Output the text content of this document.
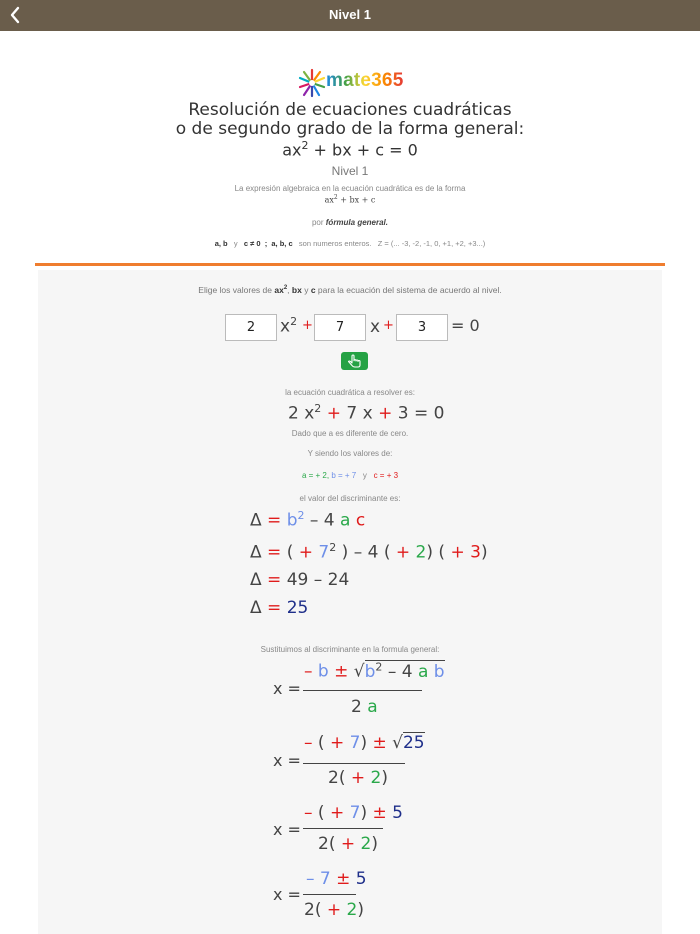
Nivel 1
mate365
Resolución de ecuaciones cuadráticas
o de segundo grado de la forma general:
$ax^2$ + bx + c = 0
Nivel 1
La expresión algebraica en la ecuación cuadrática es de la forma
$ax^2$ + bx + c
por fórmula general.
a, b y c ≠ 0 ; a, b, c son numeros enteros. Z = (... -3, -2, -1, 0, +1, +2, +3...)
Elige los valores de $ax^2$, bx y c para la ecuación del sistema de acuerdo al nivel.
2
$x^2$ +
7	x +
3	= 0
la ecuación cuadrática a resolver es:
2 $x^2 + 7$ x + 3 = 0
Dado que a es diferente de cero.
Y siendo los valores de:
a = + 2, b = + 7 y c = + 3
el valor del discriminante es:
$\Delta = b^2 - 4$ a c
Δ = ( + $7^2$ ) – 4 ( + 2) ( + 3)
Δ = 49 – 24
Δ = 25
Sustituimos al discriminante en la formula general:
x =
– $b \pm √b^2 - 4$ a b
2 a
x =
– ( + 7) ± √25
2( + 2)
x =
– ( + 7) ± 5
2( + 2)
x =
– 7 ± 5
2( + 2)
